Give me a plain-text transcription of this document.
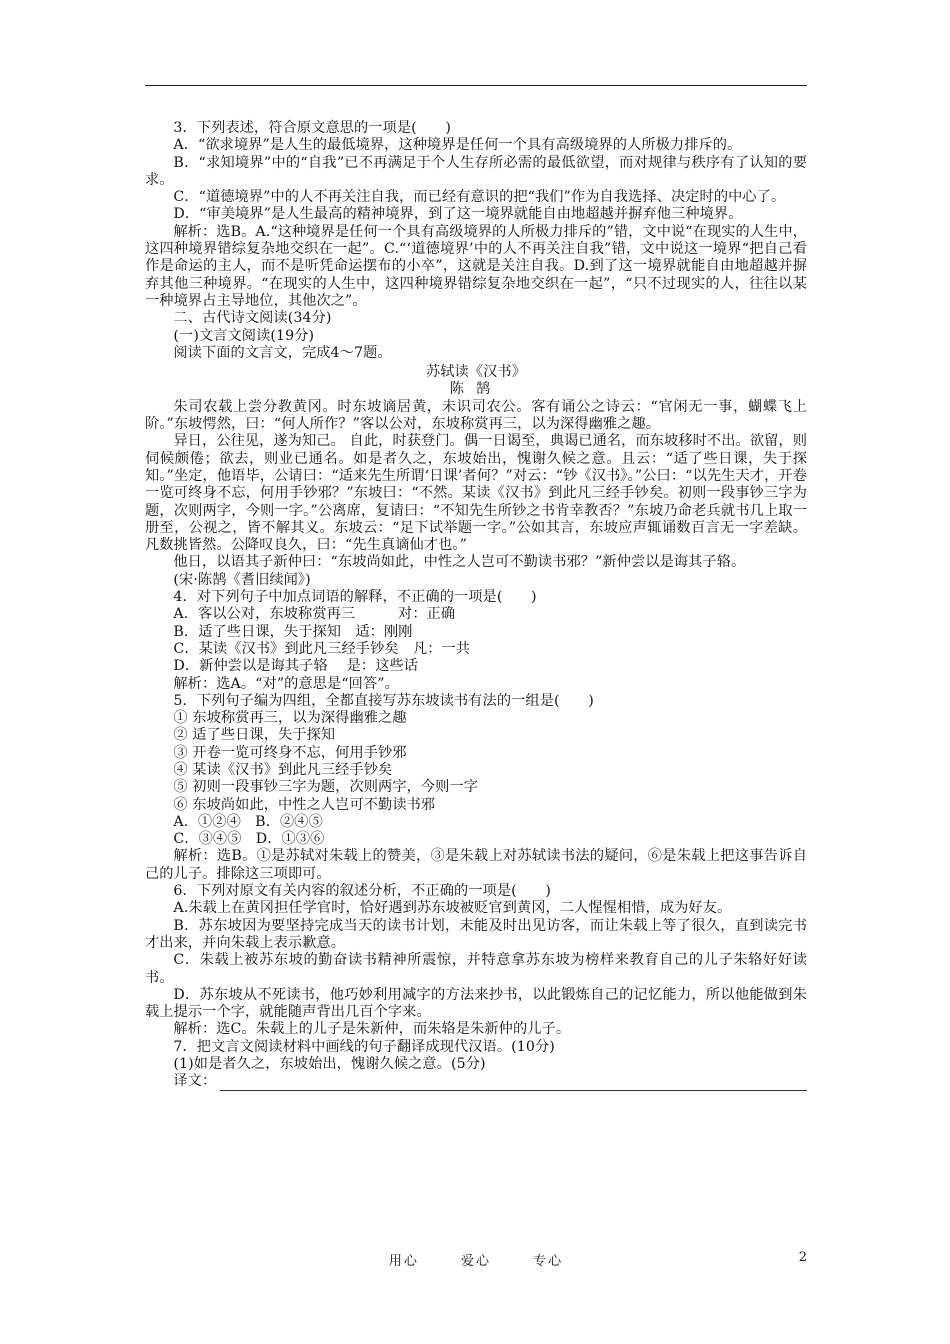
3．下列表述，符合原文意思的一项是(　　)

A．“欲求境界”是人生的最低境界，这种境界是任何一个具有高级境界的人所极力排斥的。

B．“求知境界”中的“自我”已不再满足于个人生存所必需的最低欲望，而对规律与秩序有了认知的要求。

C．“道德境界”中的人不再关注自我，而已经有意识的把“我们”作为自我选择、决定时的中心了。

D．“审美境界”是人生最高的精神境界，到了这一境界就能自由地超越并摒弃他三种境界。

解析：选B。A.“这种境界是任何一个具有高级境界的人所极力排斥的”错，文中说“在现实的人生中，这四种境界错综复杂地交织在一起”。C.“‘道德境界’中的人不再关注自我”错，文中说这一境界“把自己看作是命运的主人，而不是听凭命运摆布的小卒”，这就是关注自我。D.到了这一境界就能自由地超越并摒弃其他三种境界。“在现实的人生中，这四种境界错综复杂地交织在一起”，“只不过现实的人，往往以某一种境界占主导地位，其他次之”。

二、古代诗文阅读(34分)

(一)文言文阅读(19分)

阅读下面的文言文，完成4～7题。

苏轼读《汉书》

陈鹄

朱司农载上尝分教黄冈。时东坡谪居黄，未识司农公。客有诵公之诗云：“官闲无一事，蝴蝶飞上阶。”东坡愕然，曰：“何人所作？”客以公对，东坡称赏再三，以为深得幽雅之趣。

异日，公往见，遂为知己。 自此，时获登门。偶一日谒至，典谒已通名，而东坡移时不出。欲留，则伺候颇倦；欲去，则业已通名。如是者久之，东坡始出，愧谢久候之意。且云：“适了些日课，失于探知。”坐定，他语毕，公请曰：“适来先生所谓‘日课’者何？”对云：“钞《汉书》。”公曰：“以先生天才，开卷一览可终身不忘，何用手钞邪？”东坡曰：“不然。某读《汉书》到此凡三经手钞矣。初则一段事钞三字为题，次则两字，今则一字。”公离席，复请曰：“不知先生所钞之书肯幸教否？”东坡乃命老兵就书几上取一册至，公视之，皆不解其义。东坡云：“足下试举题一字。”公如其言，东坡应声辄诵数百言无一字差缺。凡数挑皆然。公降叹良久，曰：“先生真谪仙才也。”

他日，以语其子新仲曰：“东坡尚如此，中性之人岂可不勤读书邪？”新仲尝以是诲其子辂。

(宋·陈鹄《耆旧续闻》)

4．对下列句子中加点词语的解释，不正确的一项是(　　)

A．客以公对，东坡称赏再三　　　对：正确

B．适了些日课，失于探知　适：刚刚

C．某读《汉书》到此凡三经手钞矣　凡：一共

D．新仲尝以是诲其子辂　 是：这些话

解析：选A。“对”的意思是“回答”。

5．下列句子编为四组，全都直接写苏东坡读书有法的一组是(　　)

① 东坡称赏再三，以为深得幽雅之趣

② 适了些日课，失于探知

③ 开卷一览可终身不忘，何用手钞邪

④ 某读《汉书》到此凡三经手钞矣

⑤ 初则一段事钞三字为题，次则两字，今则一字

⑥ 东坡尚如此，中性之人岂可不勤读书邪

A．①②④　B．②④⑤

C．③④⑤　D．①③⑥

解析：选B。①是苏轼对朱载上的赞美，③是朱载上对苏轼读书法的疑问，⑥是朱载上把这事告诉自己的儿子。排除这三项即可。

6．下列对原文有关内容的叙述分析，不正确的一项是(　　)

A.朱载上在黄冈担任学官时，恰好遇到苏东坡被贬官到黄冈，二人惺惺相惜，成为好友。

B．苏东坡因为要坚持完成当天的读书计划，未能及时出见访客，而让朱载上等了很久，直到读完书才出来，并向朱载上表示歉意。

C．朱载上被苏东坡的勤奋读书精神所震惊，并特意拿苏东坡为榜样来教育自己的儿子朱辂好好读书。

D．苏东坡从不死读书，他巧妙利用减字的方法来抄书，以此锻炼自己的记忆能力，所以他能做到朱载上提示一个字，就能随声背出几百个字来。

解析：选C。朱载上的儿子是朱新仲，而朱辂是朱新仲的儿子。

7．把文言文阅读材料中画线的句子翻译成现代汉语。(10分)

(1)如是者久之，东坡始出，愧谢久候之意。(5分)

译文：
用心	爱心	专心	2
